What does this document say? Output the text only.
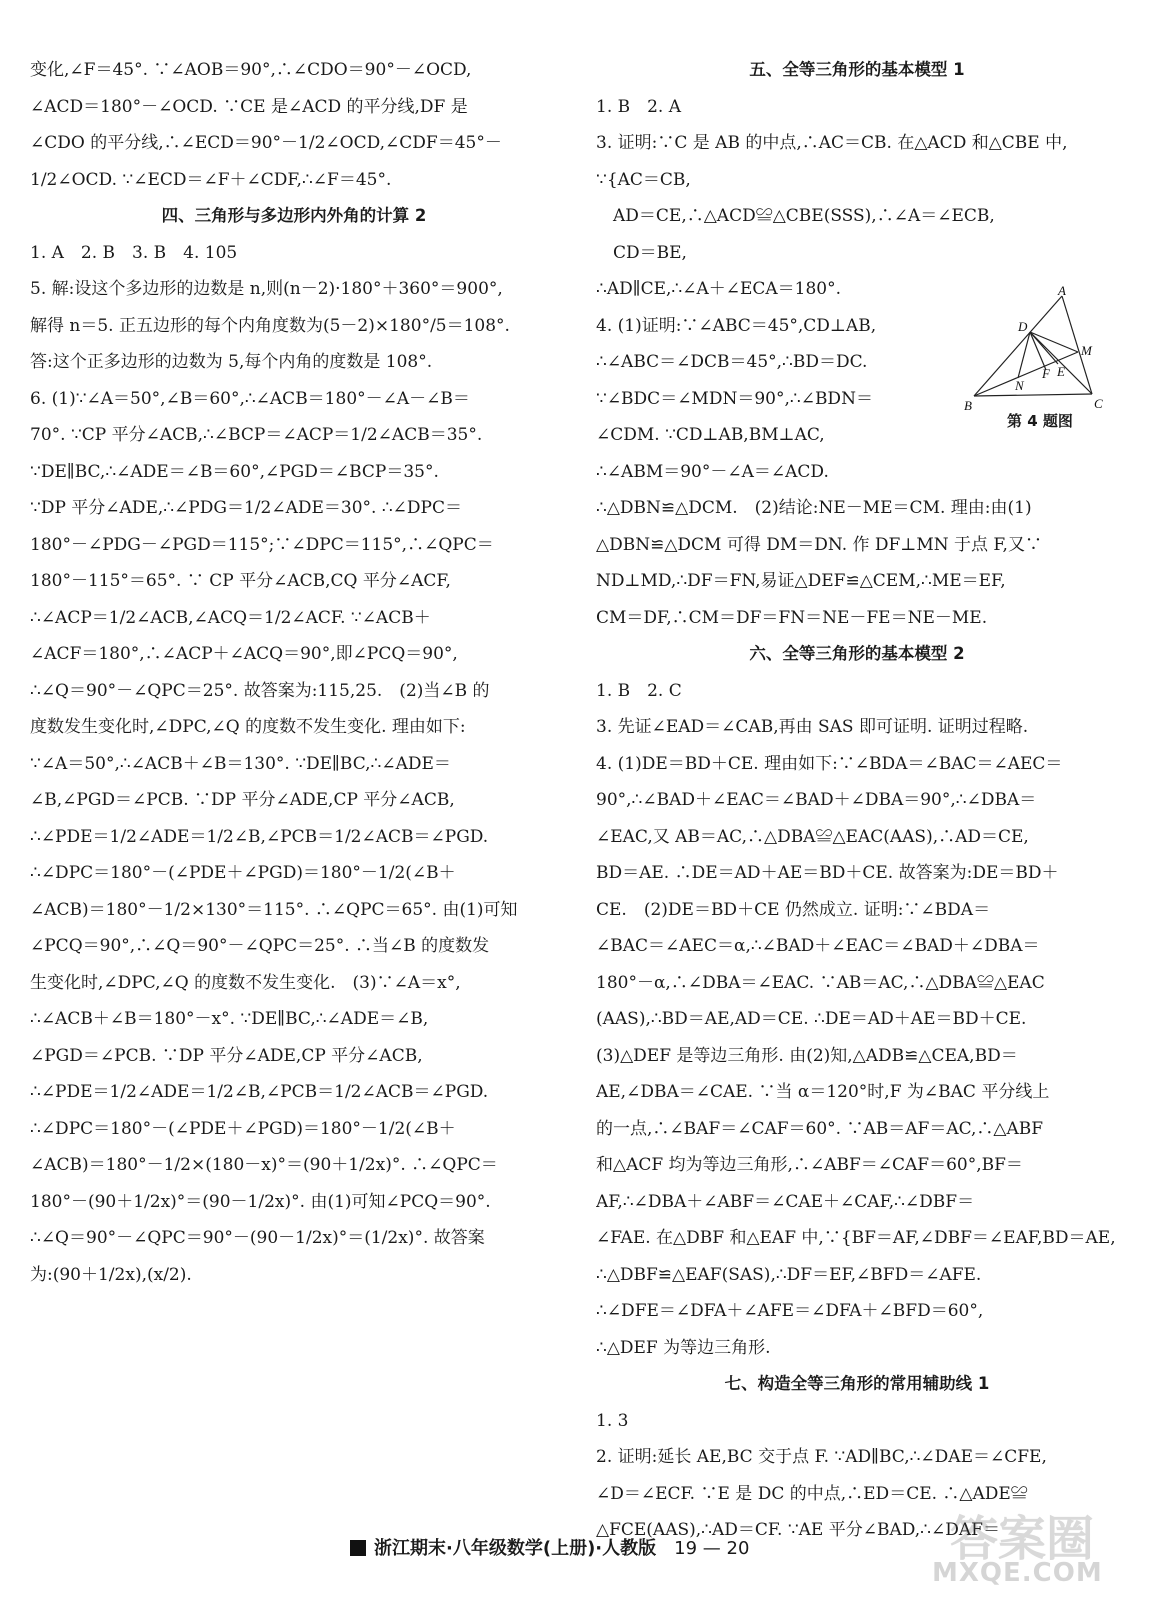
变化,∠F＝45°. ∵∠AOB＝90°,∴∠CDO＝90°－∠OCD,
∠ACD＝180°－∠OCD. ∵CE 是∠ACD 的平分线,DF 是
∠CDO 的平分线,∴∠ECD＝90°－1/2∠OCD,∠CDF＝45°－
1/2∠OCD. ∵∠ECD＝∠F＋∠CDF,∴∠F＝45°.
四、三角形与多边形内外角的计算 2
1. A　2. B　3. B　4. 105
5. 解:设这个多边形的边数是 n,则(n－2)·180°＋360°＝900°,
解得 n＝5. 正五边形的每个内角度数为(5－2)×180°/5＝108°.
答:这个正多边形的边数为 5,每个内角的度数是 108°.
6. (1)∵∠A＝50°,∠B＝60°,∴∠ACB＝180°－∠A－∠B＝
70°. ∵CP 平分∠ACB,∴∠BCP＝∠ACP＝1/2∠ACB＝35°.
∵DE∥BC,∴∠ADE＝∠B＝60°,∠PGD＝∠BCP＝35°.
∵DP 平分∠ADE,∴∠PDG＝1/2∠ADE＝30°. ∴∠DPC＝
180°－∠PDG－∠PGD＝115°;∵∠DPC＝115°,∴∠QPC＝
180°－115°＝65°. ∵ CP 平分∠ACB,CQ 平分∠ACF,
∴∠ACP＝1/2∠ACB,∠ACQ＝1/2∠ACF. ∵∠ACB＋
∠ACF＝180°,∴∠ACP＋∠ACQ＝90°,即∠PCQ＝90°,
∴∠Q＝90°－∠QPC＝25°. 故答案为:115,25.　(2)当∠B 的
度数发生变化时,∠DPC,∠Q 的度数不发生变化. 理由如下:
∵∠A＝50°,∴∠ACB＋∠B＝130°. ∵DE∥BC,∴∠ADE＝
∠B,∠PGD＝∠PCB. ∵DP 平分∠ADE,CP 平分∠ACB,
∴∠PDE＝1/2∠ADE＝1/2∠B,∠PCB＝1/2∠ACB＝∠PGD.
∴∠DPC＝180°－(∠PDE＋∠PGD)＝180°－1/2(∠B＋
∠ACB)＝180°－1/2×130°＝115°. ∴∠QPC＝65°. 由(1)可知
∠PCQ＝90°,∴∠Q＝90°－∠QPC＝25°. ∴当∠B 的度数发
生变化时,∠DPC,∠Q 的度数不发生变化.　(3)∵∠A＝x°,
∴∠ACB＋∠B＝180°－x°. ∵DE∥BC,∴∠ADE＝∠B,
∠PGD＝∠PCB. ∵DP 平分∠ADE,CP 平分∠ACB,
∴∠PDE＝1/2∠ADE＝1/2∠B,∠PCB＝1/2∠ACB＝∠PGD.
∴∠DPC＝180°－(∠PDE＋∠PGD)＝180°－1/2(∠B＋
∠ACB)＝180°－1/2×(180－x)°＝(90＋1/2x)°. ∴∠QPC＝
180°－(90＋1/2x)°＝(90－1/2x)°. 由(1)可知∠PCQ＝90°.
∴∠Q＝90°－∠QPC＝90°－(90－1/2x)°＝(1/2x)°. 故答案
为:(90＋1/2x),(x/2).
五、全等三角形的基本模型 1
1. B　2. A
3. 证明:∵C 是 AB 的中点,∴AC＝CB. 在△ACD 和△CBE 中,
∵{AC＝CB,
　AD＝CE,∴△ACD≌△CBE(SSS),∴∠A＝∠ECB,
　CD＝BE,
∴AD∥CE,∴∠A＋∠ECA＝180°.
4. (1)证明:∵∠ABC＝45°,CD⊥AB,
∴∠ABC＝∠DCB＝45°,∴BD＝DC.
∵∠BDC＝∠MDN＝90°,∴∠BDN＝
∠CDM. ∵CD⊥AB,BM⊥AC,
∴∠ABM＝90°－∠A＝∠ACD.
∴△DBN≌△DCM.　(2)结论:NE－ME＝CM. 理由:由(1)
△DBN≌△DCM 可得 DM＝DN. 作 DF⊥MN 于点 F,又∵
ND⊥MD,∴DF＝FN,易证△DEF≌△CEM,∴ME＝EF,
CM＝DF,∴CM＝DF＝FN＝NE－FE＝NE－ME.
六、全等三角形的基本模型 2
1. B　2. C
3. 先证∠EAD＝∠CAB,再由 SAS 即可证明. 证明过程略.
4. (1)DE＝BD＋CE. 理由如下:∵∠BDA＝∠BAC＝∠AEC＝
90°,∴∠BAD＋∠EAC＝∠BAD＋∠DBA＝90°,∴∠DBA＝
∠EAC,又 AB＝AC,∴△DBA≌△EAC(AAS),∴AD＝CE,
BD＝AE. ∴DE＝AD＋AE＝BD＋CE. 故答案为:DE＝BD＋
CE.　(2)DE＝BD＋CE 仍然成立. 证明:∵∠BDA＝
∠BAC＝∠AEC＝α,∴∠BAD＋∠EAC＝∠BAD＋∠DBA＝
180°－α,∴∠DBA＝∠EAC. ∵AB＝AC,∴△DBA≌△EAC
(AAS),∴BD＝AE,AD＝CE. ∴DE＝AD＋AE＝BD＋CE.
(3)△DEF 是等边三角形. 由(2)知,△ADB≌△CEA,BD＝
AE,∠DBA＝∠CAE. ∵当 α＝120°时,F 为∠BAC 平分线上
的一点,∴∠BAF＝∠CAF＝60°. ∵AB＝AF＝AC,∴△ABF
和△ACF 均为等边三角形,∴∠ABF＝∠CAF＝60°,BF＝
AF,∴∠DBA＋∠ABF＝∠CAE＋∠CAF,∴∠DBF＝
∠FAE. 在△DBF 和△EAF 中,∵{BF＝AF,∠DBF＝∠EAF,BD＝AE,
∴△DBF≌△EAF(SAS),∴DF＝EF,∠BFD＝∠AFE.
∴∠DFE＝∠DFA＋∠AFE＝∠DFA＋∠BFD＝60°,
∴△DEF 为等边三角形.
七、构造全等三角形的常用辅助线 1
1. 3
2. 证明:延长 AE,BC 交于点 F. ∵AD∥BC,∴∠DAE＝∠CFE,
∠D＝∠ECF. ∵E 是 DC 的中点,∴ED＝CE. ∴△ADE≌
△FCE(AAS),∴AD＝CF. ∵AE 平分∠BAD,∴∠DAF＝
A
D
M
N
F E
B	C
第 4 题图
浙江期末·八年级数学(上册)·人教版 19 — 20	答案圈
MXQE.COM
